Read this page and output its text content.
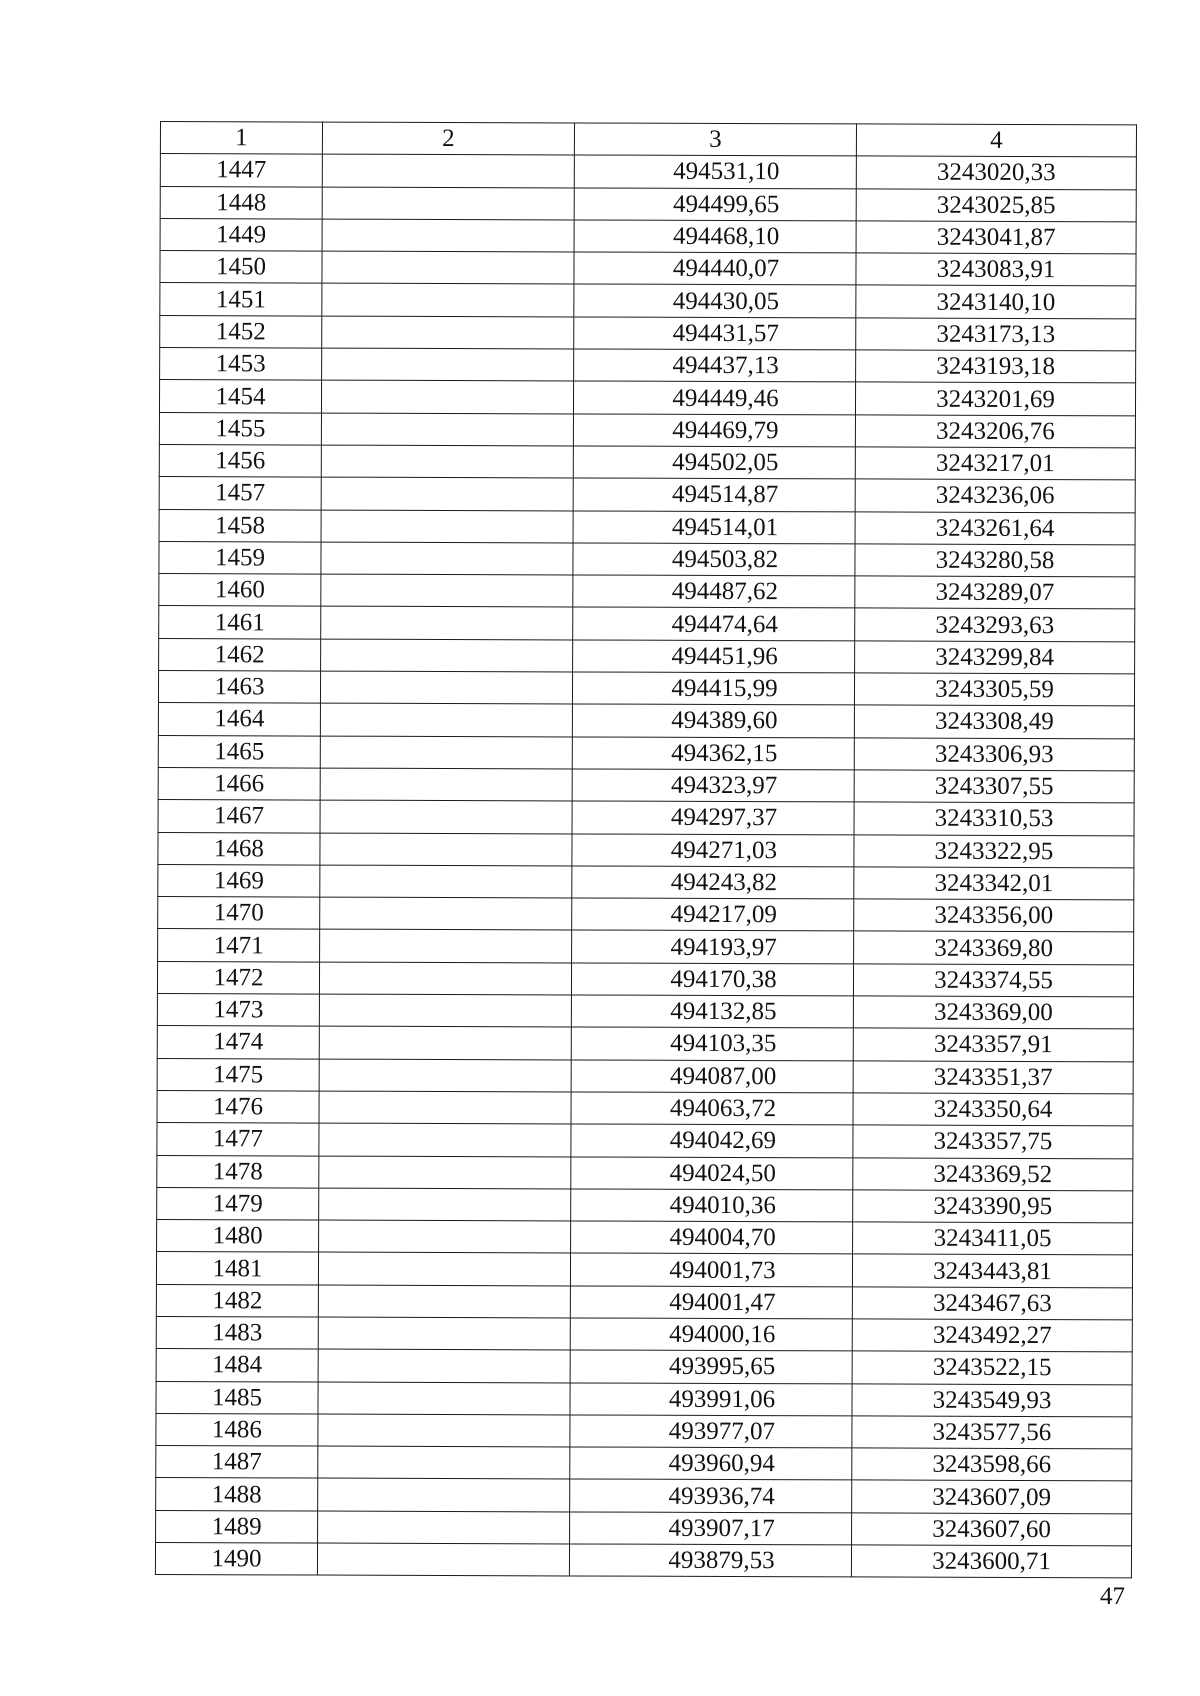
1	2	3	4
1447		494531,10	3243020,33
1448		494499,65	3243025,85
1449		494468,10	3243041,87
1450		494440,07	3243083,91
1451		494430,05	3243140,10
1452		494431,57	3243173,13
1453		494437,13	3243193,18
1454		494449,46	3243201,69
1455		494469,79	3243206,76
1456		494502,05	3243217,01
1457		494514,87	3243236,06
1458		494514,01	3243261,64
1459		494503,82	3243280,58
1460		494487,62	3243289,07
1461		494474,64	3243293,63
1462		494451,96	3243299,84
1463		494415,99	3243305,59
1464		494389,60	3243308,49
1465		494362,15	3243306,93
1466		494323,97	3243307,55
1467		494297,37	3243310,53
1468		494271,03	3243322,95
1469		494243,82	3243342,01
1470		494217,09	3243356,00
1471		494193,97	3243369,80
1472		494170,38	3243374,55
1473		494132,85	3243369,00
1474		494103,35	3243357,91
1475		494087,00	3243351,37
1476		494063,72	3243350,64
1477		494042,69	3243357,75
1478		494024,50	3243369,52
1479		494010,36	3243390,95
1480		494004,70	3243411,05
1481		494001,73	3243443,81
1482		494001,47	3243467,63
1483		494000,16	3243492,27
1484		493995,65	3243522,15
1485		493991,06	3243549,93
1486		493977,07	3243577,56
1487		493960,94	3243598,66
1488		493936,74	3243607,09
1489		493907,17	3243607,60
1490		493879,53	3243600,71
47
